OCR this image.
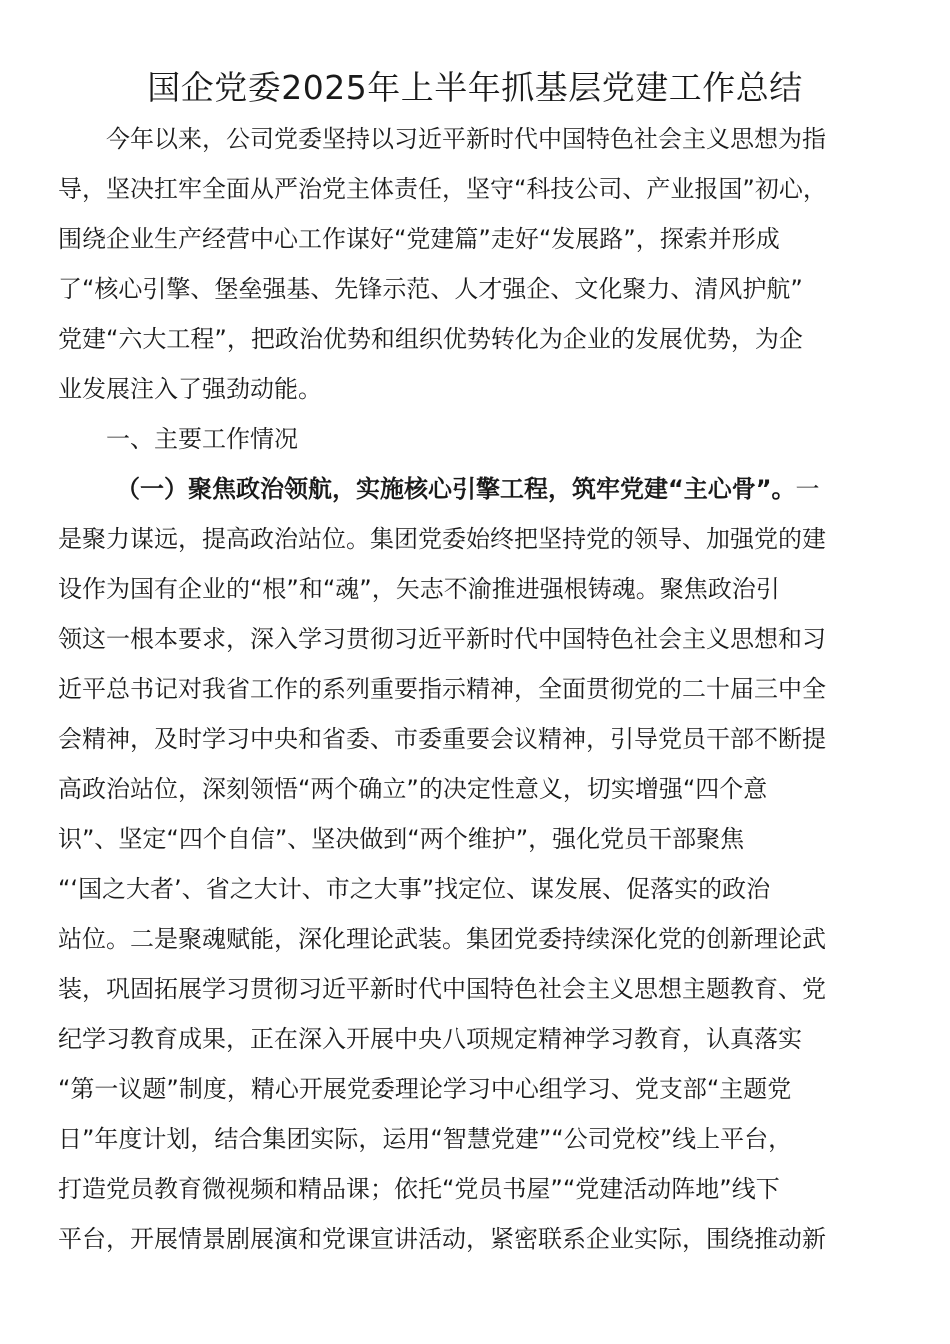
国企党委2025年上半年抓基层党建工作总结
今年以来，公司党委坚持以习近平新时代中国特色社会主义思想为指
导，坚决扛牢全面从严治党主体责任，坚守“科技公司、产业报国”初心，
围绕企业生产经营中心工作谋好“党建篇”走好“发展路”，探索并形成
了“核心引擎、堡垒强基、先锋示范、人才强企、文化聚力、清风护航”
党建“六大工程”，把政治优势和组织优势转化为企业的发展优势，为企
业发展注入了强劲动能。
一、主要工作情况
（一）聚焦政治领航，实施核心引擎工程，筑牢党建“主心骨”。一
是聚力谋远，提高政治站位。集团党委始终把坚持党的领导、加强党的建
设作为国有企业的“根”和“魂”，矢志不渝推进强根铸魂。聚焦政治引
领这一根本要求，深入学习贯彻习近平新时代中国特色社会主义思想和习
近平总书记对我省工作的系列重要指示精神，全面贯彻党的二十届三中全
会精神，及时学习中央和省委、市委重要会议精神，引导党员干部不断提
高政治站位，深刻领悟“两个确立”的决定性意义，切实增强“四个意
识”、坚定“四个自信”、坚决做到“两个维护”，强化党员干部聚焦
“‘国之大者’、省之大计、市之大事”找定位、谋发展、促落实的政治
站位。二是聚魂赋能，深化理论武装。集团党委持续深化党的创新理论武
装，巩固拓展学习贯彻习近平新时代中国特色社会主义思想主题教育、党
纪学习教育成果，正在深入开展中央八项规定精神学习教育，认真落实
“第一议题”制度，精心开展党委理论学习中心组学习、党支部“主题党
日”年度计划，结合集团实际，运用“智慧党建”“公司党校”线上平台，
打造党员教育微视频和精品课；依托“党员书屋”“党建活动阵地”线下
平台，开展情景剧展演和党课宣讲活动，紧密联系企业实际，围绕推动新
